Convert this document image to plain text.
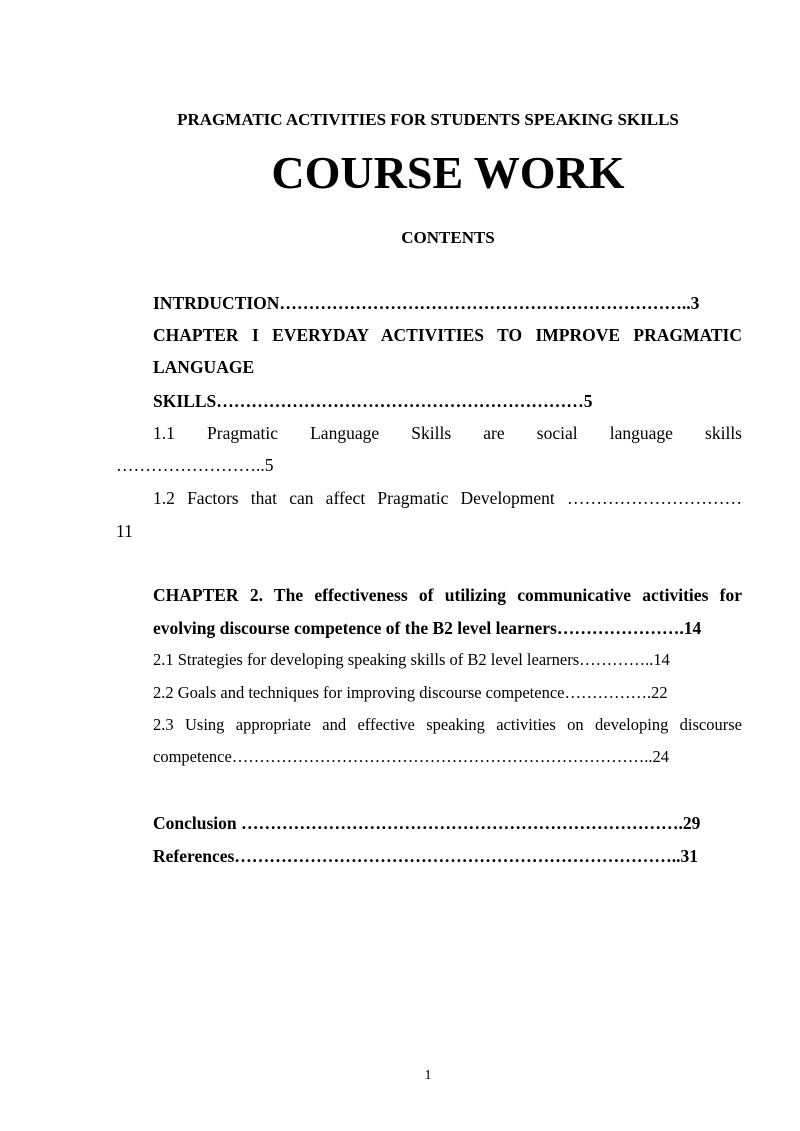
PRAGMATIC ACTIVITIES FOR STUDENTS SPEAKING SKILLS

COURSE WORK

CONTENTS

INTRDUCTION……………………………………………………………..3

CHAPTER I EVERYDAY ACTIVITIES TO IMPROVE PRAGMATIC

LANGUAGE

SKILLS………………………………………………………5

1.1 Pragmatic Language Skills are social language skills

……………………..5

1.2 Factors that can affect Pragmatic Development …………………………

11

CHAPTER 2. The effectiveness of utilizing communicative activities for

evolving discourse competence of the B2 level learners………………….14

2.1 Strategies for developing speaking skills of B2 level learners…………..14

2.2 Goals and techniques for improving discourse competence…………….22

2.3 Using appropriate and effective speaking activities on developing discourse

competence…………………………………………………………………..24

Conclusion ………………………………………………………………….29

References…………………………………………………………………..31

1
